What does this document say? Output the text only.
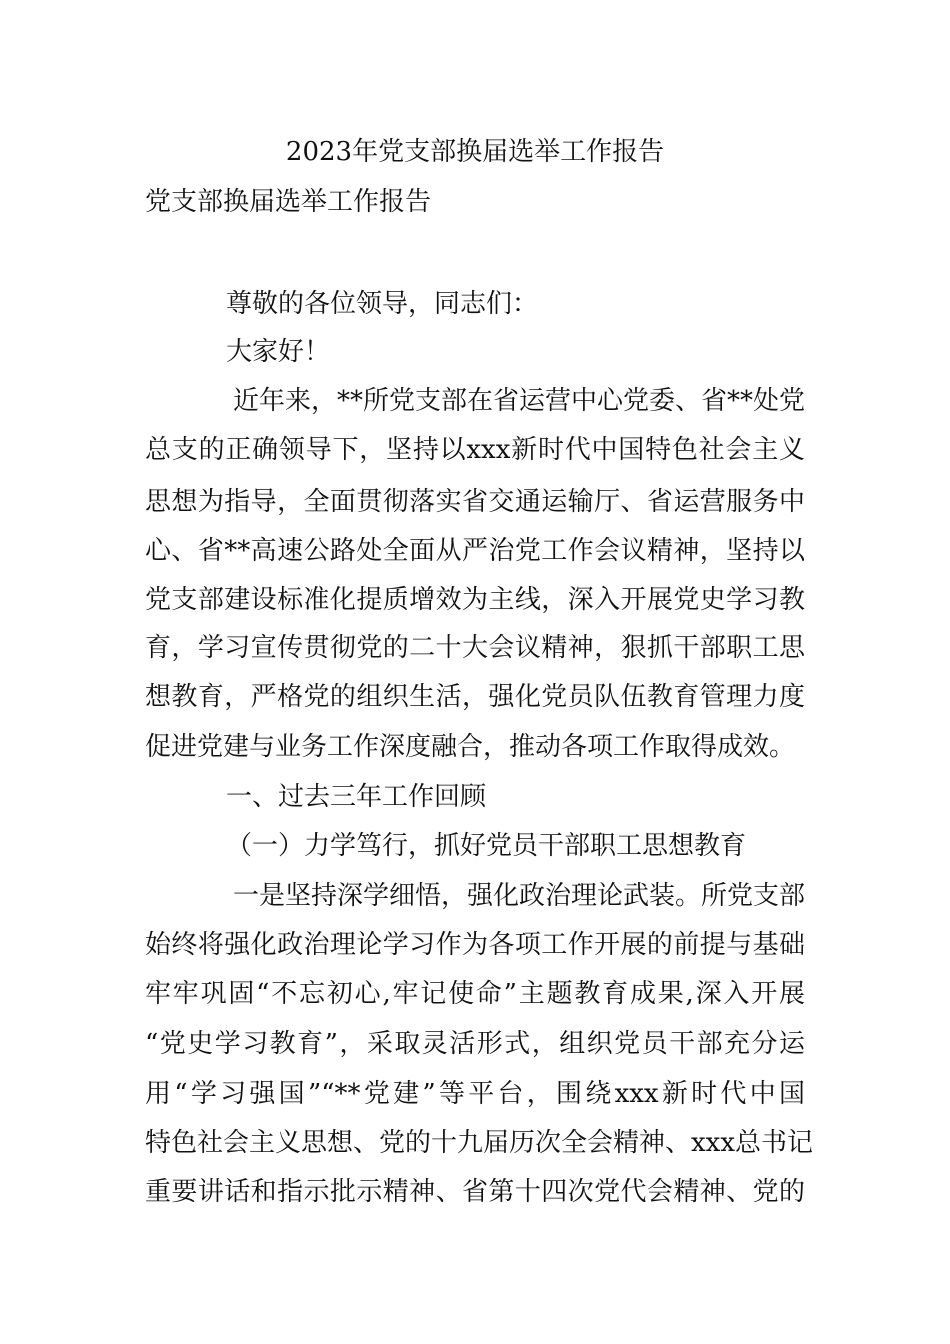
2023年党支部换届选举工作报告
党支部换届选举工作报告
尊敬的各位领导，同志们：
大家好！
近年来，**所党支部在省运营中心党委、省**处党
总支的正确领导下，坚持以xxx新时代中国特色社会主义
思想为指导，全面贯彻落实省交通运输厅、省运营服务中
心、省**高速公路处全面从严治党工作会议精神，坚持以
党支部建设标准化提质增效为主线，深入开展党史学习教
育，学习宣传贯彻党的二十大会议精神，狠抓干部职工思
想教育，严格党的组织生活，强化党员队伍教育管理力度
促进党建与业务工作深度融合，推动各项工作取得成效。
一、过去三年工作回顾
（一）力学笃行，抓好党员干部职工思想教育
一是坚持深学细悟，强化政治理论武装。所党支部
始终将强化政治理论学习作为各项工作开展的前提与基础
牢牢巩固“不忘初心,牢记使命”主题教育成果,深入开展
“党史学习教育”，采取灵活形式，组织党员干部充分运
用“学习强国”“**党建”等平台，围绕xxx新时代中国
特色社会主义思想、党的十九届历次全会精神、xxx总书记
重要讲话和指示批示精神、省第十四次党代会精神、党的
